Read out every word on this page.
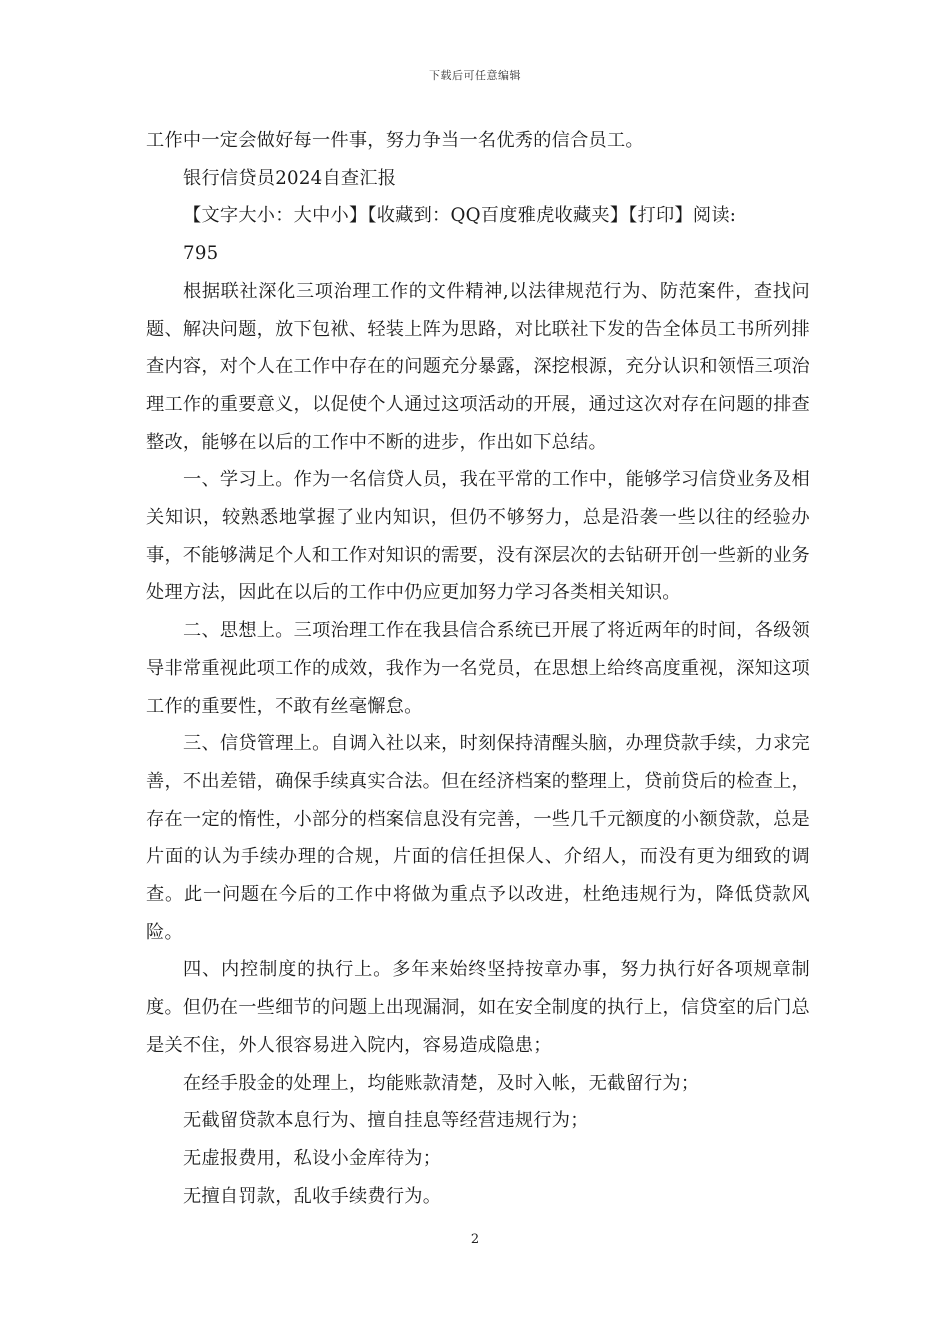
下载后可任意编辑

工作中一定会做好每一件事，努力争当一名优秀的信合员工。

银行信贷员2024自查汇报

【文字大小：大中小】【收藏到：QQ百度雅虎收藏夹】【打印】阅读:

795

根据联社深化三项治理工作的文件精神,以法律规范行为、防范案件，查找问题、解决问题，放下包袱、轻装上阵为思路，对比联社下发的告全体员工书所列排查内容，对个人在工作中存在的问题充分暴露，深挖根源，充分认识和领悟三项治理工作的重要意义，以促使个人通过这项活动的开展，通过这次对存在问题的排查整改，能够在以后的工作中不断的进步，作出如下总结。

一、学习上。作为一名信贷人员，我在平常的工作中，能够学习信贷业务及相关知识，较熟悉地掌握了业内知识，但仍不够努力，总是沿袭一些以往的经验办事，不能够满足个人和工作对知识的需要，没有深层次的去钻研开创一些新的业务处理方法，因此在以后的工作中仍应更加努力学习各类相关知识。

二、思想上。三项治理工作在我县信合系统已开展了将近两年的时间，各级领导非常重视此项工作的成效，我作为一名党员，在思想上给终高度重视，深知这项工作的重要性，不敢有丝毫懈怠。

三、信贷管理上。自调入社以来，时刻保持清醒头脑，办理贷款手续，力求完善，不出差错，确保手续真实合法。但在经济档案的整理上，贷前贷后的检查上，存在一定的惰性，小部分的档案信息没有完善，一些几千元额度的小额贷款，总是片面的认为手续办理的合规，片面的信任担保人、介绍人，而没有更为细致的调查。此一问题在今后的工作中将做为重点予以改进，杜绝违规行为，降低贷款风险。

四、内控制度的执行上。多年来始终坚持按章办事，努力执行好各项规章制度。但仍在一些细节的问题上出现漏洞，如在安全制度的执行上，信贷室的后门总是关不住，外人很容易进入院内，容易造成隐患；

在经手股金的处理上，均能账款清楚，及时入帐，无截留行为；

无截留贷款本息行为、擅自挂息等经营违规行为；

无虚报费用，私设小金库待为；

无擅自罚款，乱收手续费行为。

2
